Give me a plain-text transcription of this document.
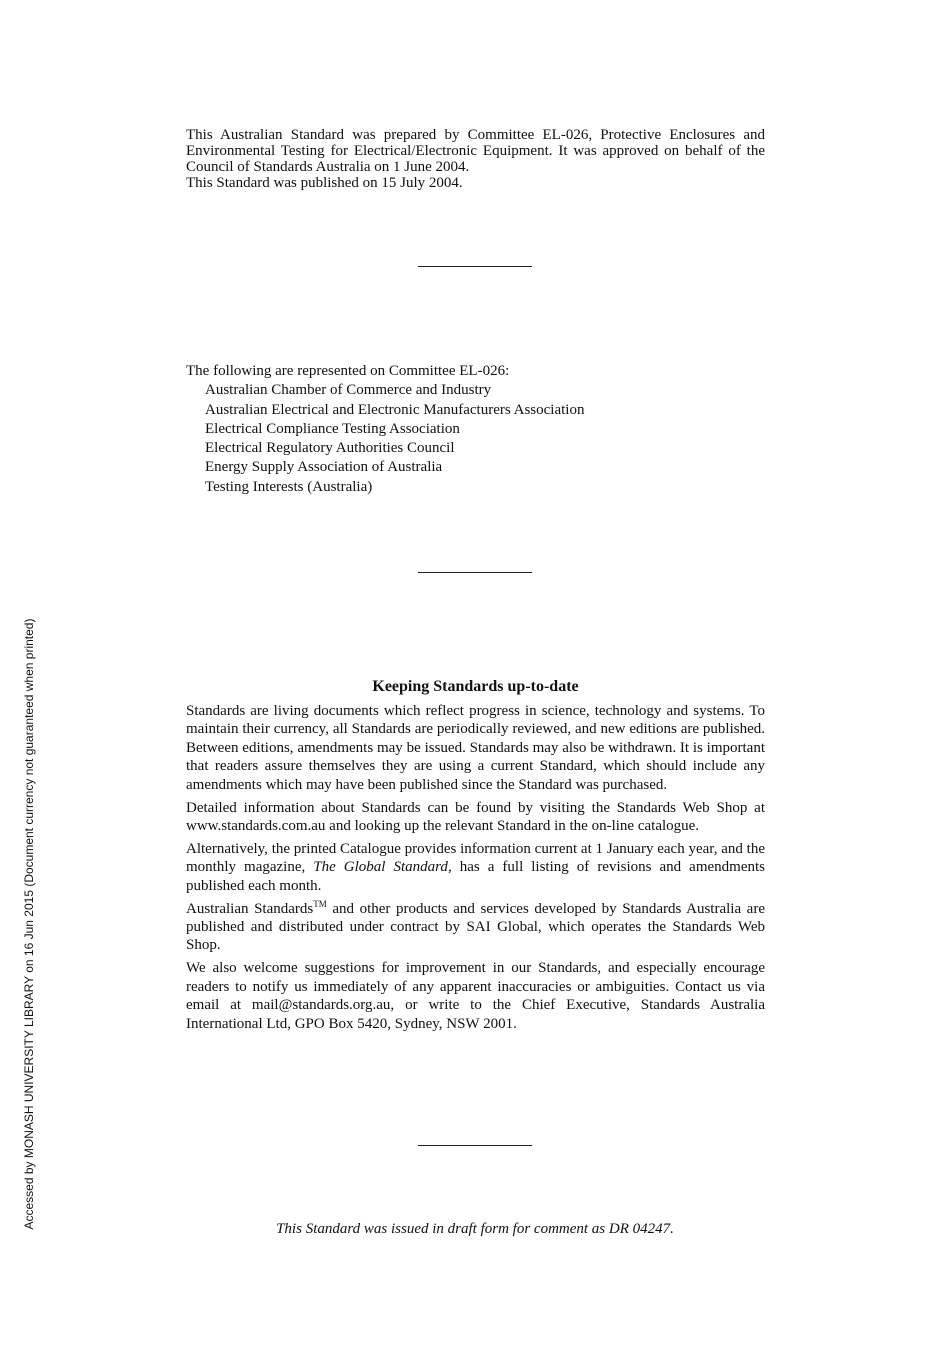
This Australian Standard was prepared by Committee EL-026, Protective Enclosures and Environmental Testing for Electrical/Electronic Equipment. It was approved on behalf of the Council of Standards Australia on 1 June 2004.

This Standard was published on 15 July 2004.

The following are represented on Committee EL-026:

Australian Chamber of Commerce and Industry
Australian Electrical and Electronic Manufacturers Association
Electrical Compliance Testing Association
Electrical Regulatory Authorities Council
Energy Supply Association of Australia
Testing Interests (Australia)
Keeping Standards up-to-date

Standards are living documents which reflect progress in science, technology and systems. To maintain their currency, all Standards are periodically reviewed, and new editions are published. Between editions, amendments may be issued. Standards may also be withdrawn. It is important that readers assure themselves they are using a current Standard, which should include any amendments which may have been published since the Standard was purchased.

Detailed information about Standards can be found by visiting the Standards Web Shop at www.standards.com.au and looking up the relevant Standard in the on-line catalogue.

Alternatively, the printed Catalogue provides information current at 1 January each year, and the monthly magazine, The Global Standard, has a full listing of revisions and amendments published each month.

Australian Standards™ and other products and services developed by Standards Australia are published and distributed under contract by SAI Global, which operates the Standards Web Shop.

We also welcome suggestions for improvement in our Standards, and especially encourage readers to notify us immediately of any apparent inaccuracies or ambiguities. Contact us via email at mail@standards.org.au, or write to the Chief Executive, Standards Australia International Ltd, GPO Box 5420, Sydney, NSW 2001.

This Standard was issued in draft form for comment as DR 04247.

Accessed by MONASH UNIVERSITY LIBRARY on 16 Jun 2015 (Document currency not guaranteed when printed)
